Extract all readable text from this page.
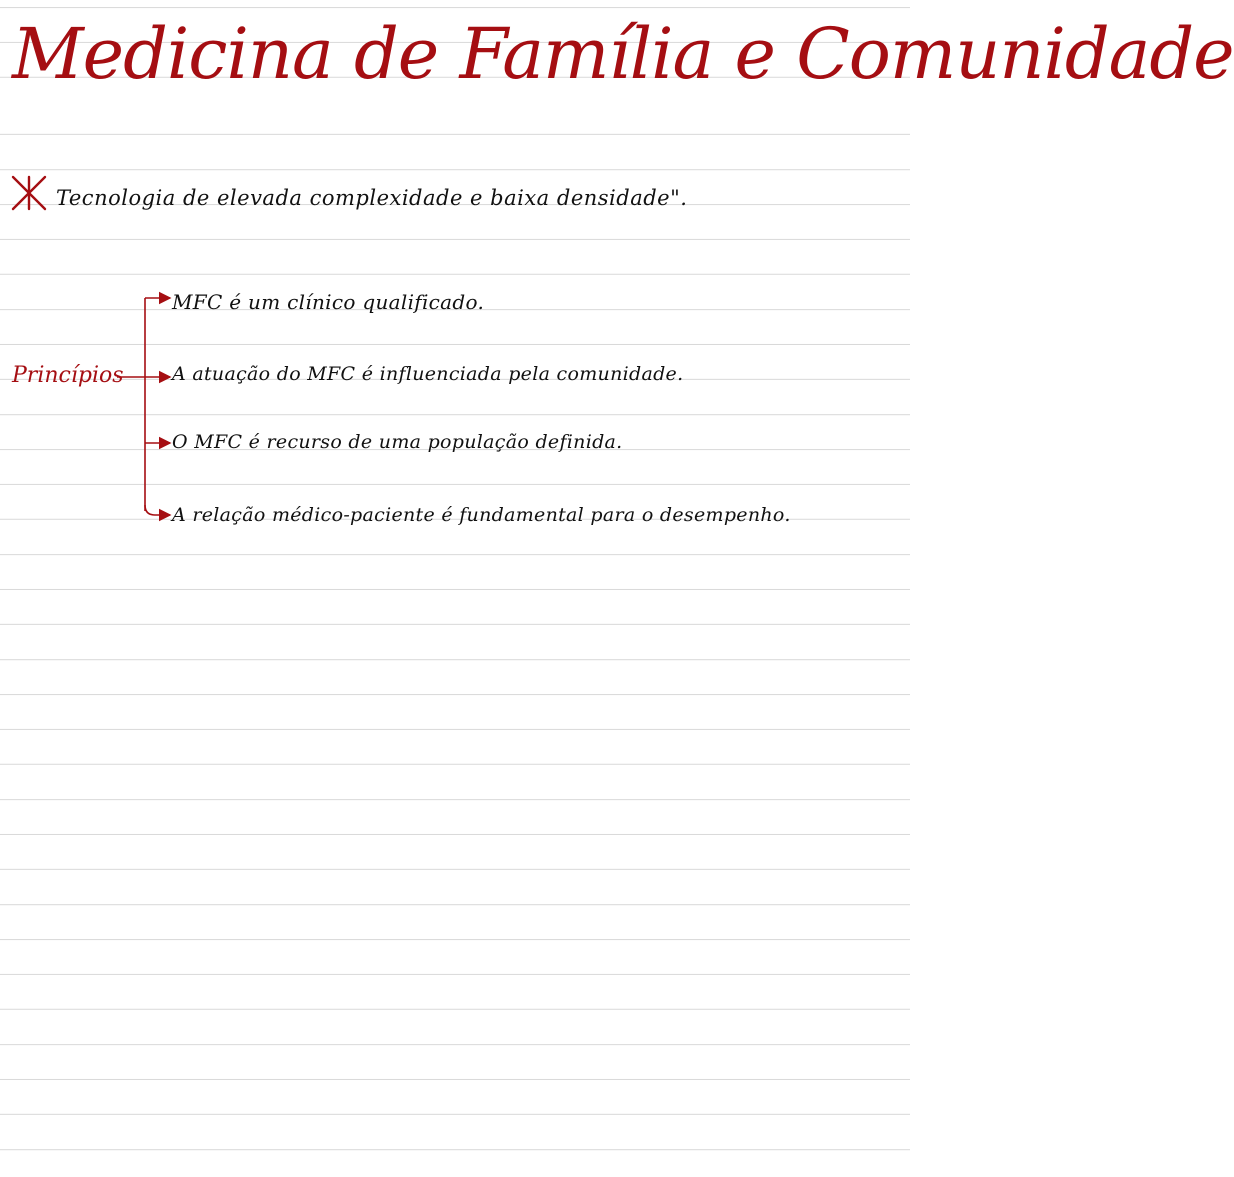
Medicina de Família e Comunidade
Tecnologia de elevada complexidade e baixa densidade".
Princípios
MFC é um clínico qualificado.
A atuação do MFC é influenciada pela comunidade.
O MFC é recurso de uma população definida.
A relação médico-paciente é fundamental para o desempenho.
